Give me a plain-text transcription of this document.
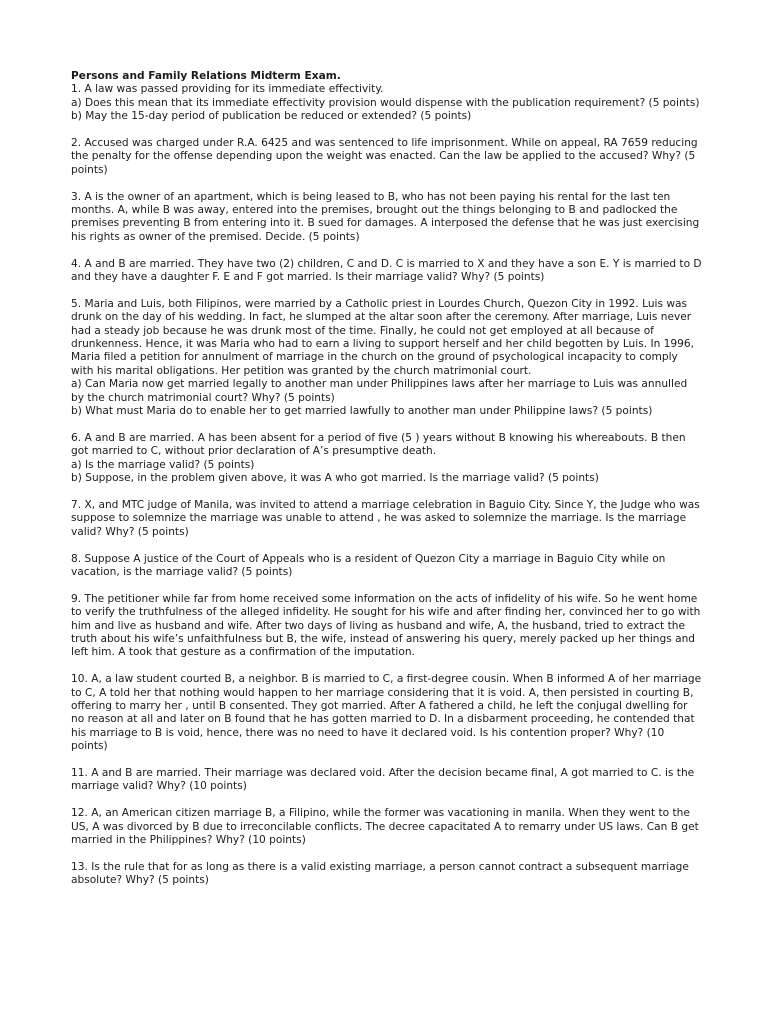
Persons and Family Relations Midterm Exam.
1. A law was passed providing for its immediate effectivity.
a) Does this mean that its immediate effectivity provision would dispense with the publication requirement? (5 points)
b) May the 15-day period of publication be reduced or extended? (5 points)
2. Accused was charged under R.A. 6425 and was sentenced to life imprisonment. While on appeal, RA 7659 reducing the penalty for the offense depending upon the weight was enacted. Can the law be applied to the accused? Why? (5 points)
3. A is the owner of an apartment, which is being leased to B, who has not been paying his rental for the last ten months. A, while B was away, entered into the premises, brought out the things belonging to B and padlocked the premises preventing B from entering into it. B sued for damages. A interposed the defense that he was just exercising his rights as owner of the premised. Decide. (5 points)
4. A and B are married. They have two (2) children, C and D. C is married to X and they have a son E. Y is married to D and they have a daughter F. E and F got married. Is their marriage valid? Why? (5 points)
5. Maria and Luis, both Filipinos, were married by a Catholic priest in Lourdes Church, Quezon City in 1992. Luis was drunk on the day of his wedding. In fact, he slumped at the altar soon after the ceremony. After marriage, Luis never had a steady job because he was drunk most of the time. Finally, he could not get employed at all because of drunkenness. Hence, it was Maria who had to earn a living to support herself and her child begotten by Luis. In 1996, Maria filed a petition for annulment of marriage in the church on the ground of psychological incapacity to comply with his marital obligations. Her petition was granted by the church matrimonial court.
a) Can Maria now get married legally to another man under Philippines laws after her marriage to Luis was annulled by the church matrimonial court? Why? (5 points)
b) What must Maria do to enable her to get married lawfully to another man under Philippine laws? (5 points)
6. A and B are married. A has been absent for a period of five (5 ) years without B knowing his whereabouts. B then got married to C, without prior declaration of A’s presumptive death.
a) Is the marriage valid? (5 points)
b) Suppose, in the problem given above, it was A who got married. Is the marriage valid? (5 points)
7. X, and MTC judge of Manila, was invited to attend a marriage celebration in Baguio City. Since Y, the Judge who was suppose to solemnize the marriage was unable to attend , he was asked to solemnize the marriage. Is the marriage valid? Why? (5 points)
8. Suppose A justice of the Court of Appeals who is a resident of Quezon City a marriage in Baguio City while on vacation, is the marriage valid? (5 points)
9. The petitioner while far from home received some information on the acts of infidelity of his wife. So he went home to verify the truthfulness of the alleged infidelity. He sought for his wife and after finding her, convinced her to go with him and live as husband and wife. After two days of living as husband and wife, A, the husband, tried to extract the truth about his wife’s unfaithfulness but B, the wife, instead of answering his query, merely packed up her things and left him. A took that gesture as a confirmation of the imputation.
10. A, a law student courted B, a neighbor. B is married to C, a first-degree cousin. When B informed A of her marriage to C, A told her that nothing would happen to her marriage considering that it is void. A, then persisted in courting B, offering to marry her , until B consented. They got married. After A fathered a child, he left the conjugal dwelling for no reason at all and later on B found that he has gotten married to D. In a disbarment proceeding, he contended that his marriage to B is void, hence, there was no need to have it declared void. Is his contention proper? Why? (10 points)
11. A and B are married. Their marriage was declared void. After the decision became final, A got married to C. is the marriage valid? Why? (10 points)
12. A, an American citizen marriage B, a Filipino, while the former was vacationing in manila. When they went to the US, A was divorced by B due to irreconcilable conflicts. The decree capacitated A to remarry under US laws. Can B get married in the Philippines? Why? (10 points)
13. Is the rule that for as long as there is a valid existing marriage, a person cannot contract a subsequent marriage absolute? Why? (5 points)
